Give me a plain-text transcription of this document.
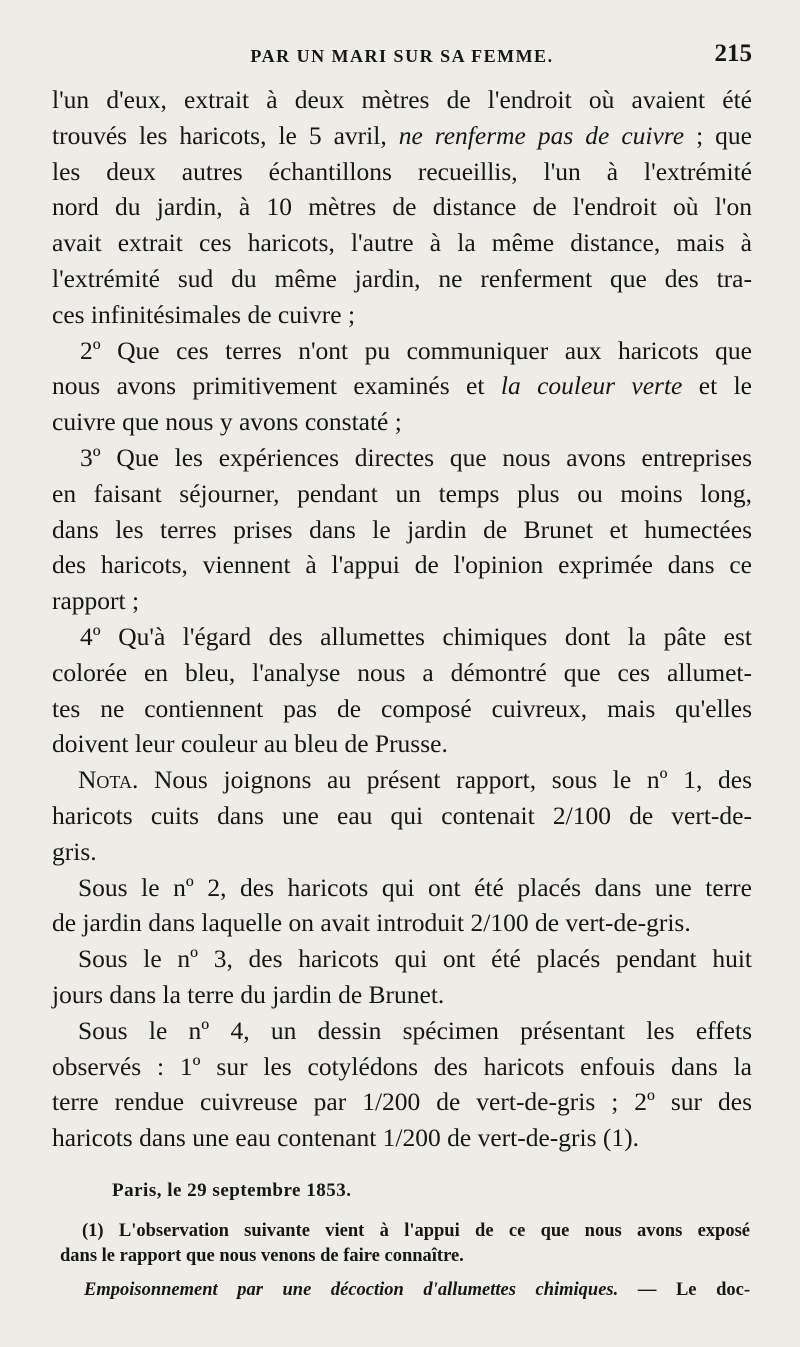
PAR UN MARI SUR SA FEMME.	215
l'un d'eux, extrait à deux mètres de l'endroit où avaient été
trouvés les haricots, le 5 avril, ne renferme pas de cuivre ; que
les deux autres échantillons recueillis, l'un à l'extrémité
nord du jardin, à 10 mètres de distance de l'endroit où l'on
avait extrait ces haricots, l'autre à la même distance, mais à
l'extrémité sud du même jardin, ne renferment que des tra-
ces infinitésimales de cuivre ;
2º Que ces terres n'ont pu communiquer aux haricots que
nous avons primitivement examinés et la couleur verte et le
cuivre que nous y avons constaté ;
3º Que les expériences directes que nous avons entreprises
en faisant séjourner, pendant un temps plus ou moins long,
dans les terres prises dans le jardin de Brunet et humectées
des haricots, viennent à l'appui de l'opinion exprimée dans ce
rapport ;
4º Qu'à l'égard des allumettes chimiques dont la pâte est
colorée en bleu, l'analyse nous a démontré que ces allumet-
tes ne contiennent pas de composé cuivreux, mais qu'elles
doivent leur couleur au bleu de Prusse.
Nota. Nous joignons au présent rapport, sous le nº 1, des
haricots cuits dans une eau qui contenait 2/100 de vert-de-
gris.
Sous le nº 2, des haricots qui ont été placés dans une terre
de jardin dans laquelle on avait introduit 2/100 de vert-de-gris.
Sous le nº 3, des haricots qui ont été placés pendant huit
jours dans la terre du jardin de Brunet.
Sous le nº 4, un dessin spécimen présentant les effets
observés : 1º sur les cotylédons des haricots enfouis dans la
terre rendue cuivreuse par 1/200 de vert-de-gris ; 2º sur des
haricots dans une eau contenant 1/200 de vert-de-gris (1).
Paris, le 29 septembre 1853.
(1) L'observation suivante vient à l'appui de ce que nous avons exposé
dans le rapport que nous venons de faire connaître.
Empoisonnement par une décoction d'allumettes chimiques. — Le doc-
